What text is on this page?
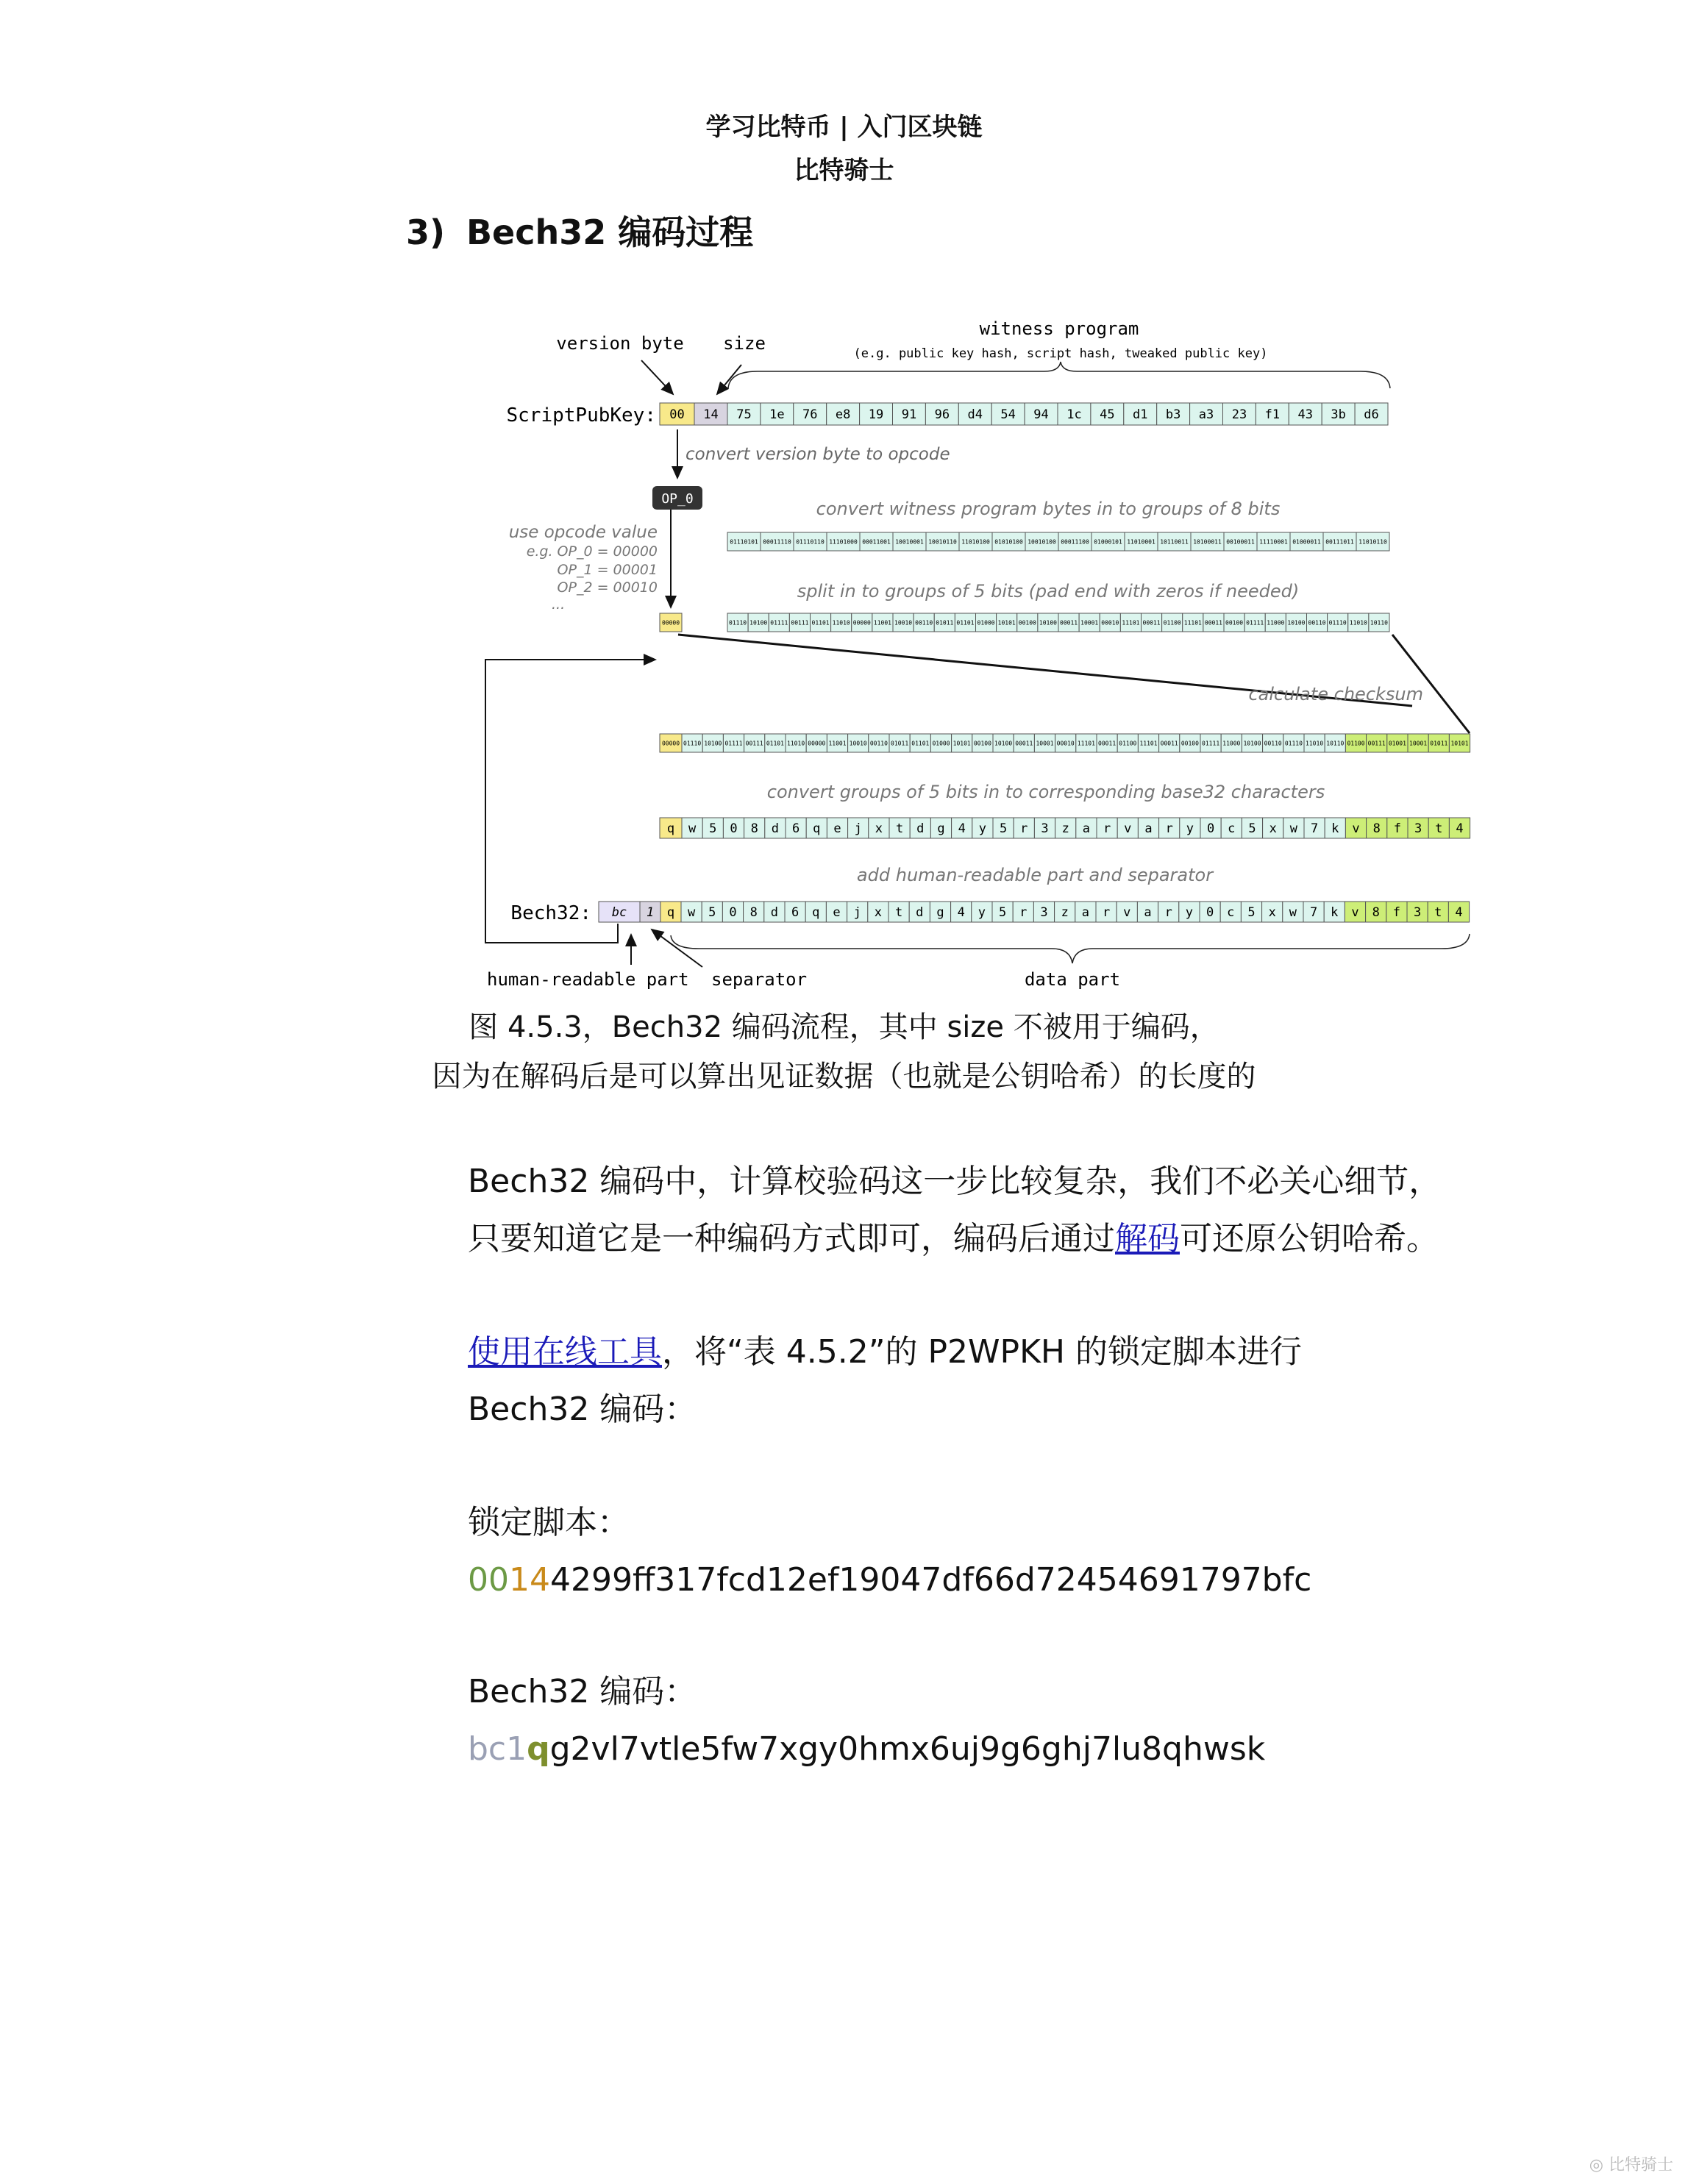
学习比特币 | 入门区块链
比特骑士
3) Bech32 编码过程
version byte size
witness program
(e.g. public key hash, script hash, tweaked public key)
ScriptPubKey: 00 14 75 1e 76 e8 19 91 96 d4 54 94 1c 45 d1 b3 a3 23 f1 43 3b d6
convert version byte to opcode
OP_0
use opcode value
e.g. OP_0 = 00000
OP_1 = 00001
OP_2 = 00010
...
convert witness program bytes in to groups of 8 bits
01110101 00011110 01110110 11101000 00011001 10010001 10010110 11010100 01010100 10010100 00011100 01000101 11010001 10110011 10100011 00100011 11110001 01000011 00111011 11010110
split in to groups of 5 bits (pad end with zeros if needed)
01110 10100 01111 00111 01101 11010 00000 11001 10010 00110 01011 01101 01000 10101 00100 10100 00011 10001 00010 11101 00011 01100 11101 00011 00100 01111 11000 10100 00110 01110 11010 10110
00000
calculate checksum
00000 01110 10100 01111 00111 01101 11010 00000 11001 10010 00110 01011 01101 01000 10101 00100 10100 00011 10001 00010 11101 00011 01100 11101 00011 00100 01111 11000 10100 00110 01110 11010 10110 01100 00111 01001 10001 01011 10101
convert groups of 5 bits in to corresponding base32 characters
q w 5 0 8 d 6 q e j x t d g 4 y 5 r 3 z a r v a r y 0 c 5 x w 7 k v 8 f 3 t 4
add human-readable part and separator
Bech32: bc 1 q w 5 0 8 d 6 q e j x t d g 4 y 5 r 3 z a r v a r y 0 c 5 x w 7 k v 8 f 3 t 4
human-readable part separator	data part
图 4.5.3，Bech32 编码流程，其中 size 不被用于编码，
因为在解码后是可以算出见证数据（也就是公钥哈希）的长度的
Bech32 编码中，计算校验码这一步比较复杂，我们不必关心细节，
只要知道它是一种编码方式即可，编码后通过解码可还原公钥哈希。
使用在线工具，将“表 4.5.2”的 P2WPKH 的锁定脚本进行
Bech32 编码：
锁定脚本：
00144299ff317fcd12ef19047df66d72454691797bfc
Bech32 编码：
bc1qg2vl7vtle5fw7xgy0hmx6uj9g6ghj7lu8qhwsk
◎ 比特骑士
